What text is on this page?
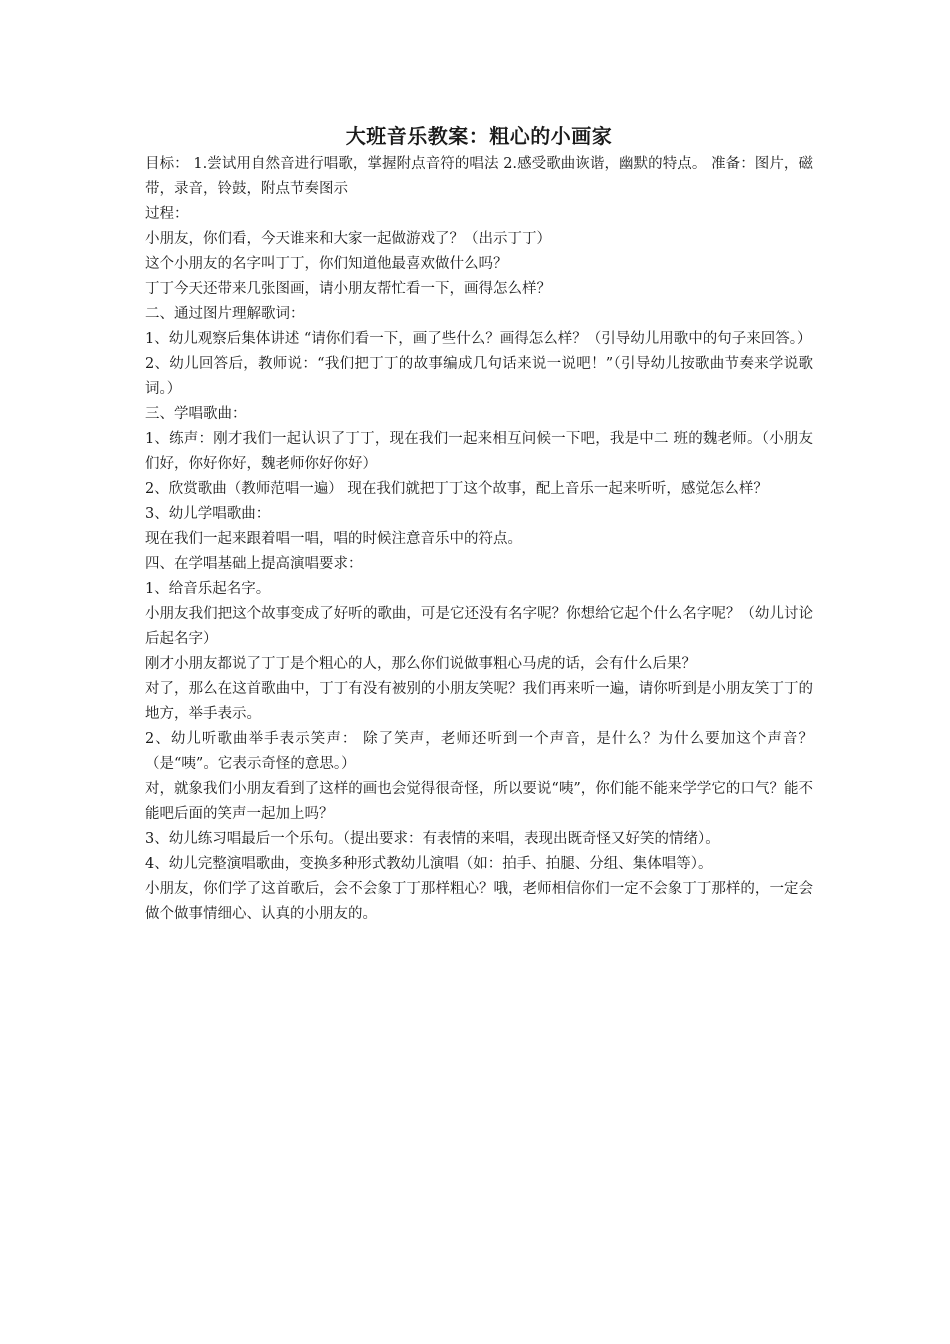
大班音乐教案：粗心的小画家

目标： 1.尝试用自然音进行唱歌，掌握附点音符的唱法 2.感受歌曲诙谐，幽默的特点。 准备：图片，磁带，录音，铃鼓，附点节奏图示

过程：

小朋友，你们看，今天谁来和大家一起做游戏了？（出示丁丁）

这个小朋友的名字叫丁丁，你们知道他最喜欢做什么吗？

丁丁今天还带来几张图画，请小朋友帮忙看一下，画得怎么样？

二、通过图片理解歌词：

1、幼儿观察后集体讲述 “请你们看一下，画了些什么？画得怎么样？（引导幼儿用歌中的句子来回答。）

2、幼儿回答后，教师说：“我们把丁丁的故事编成几句话来说一说吧！”（引导幼儿按歌曲节奏来学说歌词。）

三、学唱歌曲：

1、练声：刚才我们一起认识了丁丁，现在我们一起来相互问候一下吧，我是中二 班的魏老师。（小朋友们好，你好你好，魏老师你好你好）

2、欣赏歌曲（教师范唱一遍） 现在我们就把丁丁这个故事，配上音乐一起来听听，感觉怎么样？

3、幼儿学唱歌曲：

现在我们一起来跟着唱一唱，唱的时候注意音乐中的符点。

四、在学唱基础上提高演唱要求：

1、给音乐起名字。

小朋友我们把这个故事变成了好听的歌曲，可是它还没有名字呢？你想给它起个什么名字呢？（幼儿讨论后起名字）

刚才小朋友都说了丁丁是个粗心的人，那么你们说做事粗心马虎的话，会有什么后果？

对了，那么在这首歌曲中，丁丁有没有被别的小朋友笑呢？我们再来听一遍，请你听到是小朋友笑丁丁的地方，举手表示。

2、幼儿听歌曲举手表示笑声： 除了笑声，老师还听到一个声音，是什么？为什么要加这个声音？（是“咦”。它表示奇怪的意思。）

对，就象我们小朋友看到了这样的画也会觉得很奇怪，所以要说“咦”，你们能不能来学学它的口气？能不能吧后面的笑声一起加上吗？

3、幼儿练习唱最后一个乐句。（提出要求：有表情的来唱，表现出既奇怪又好笑的情绪）。

4、幼儿完整演唱歌曲，变换多种形式教幼儿演唱（如：拍手、拍腿、分组、集体唱等）。

小朋友，你们学了这首歌后，会不会象丁丁那样粗心？哦，老师相信你们一定不会象丁丁那样的，一定会做个做事情细心、认真的小朋友的。
